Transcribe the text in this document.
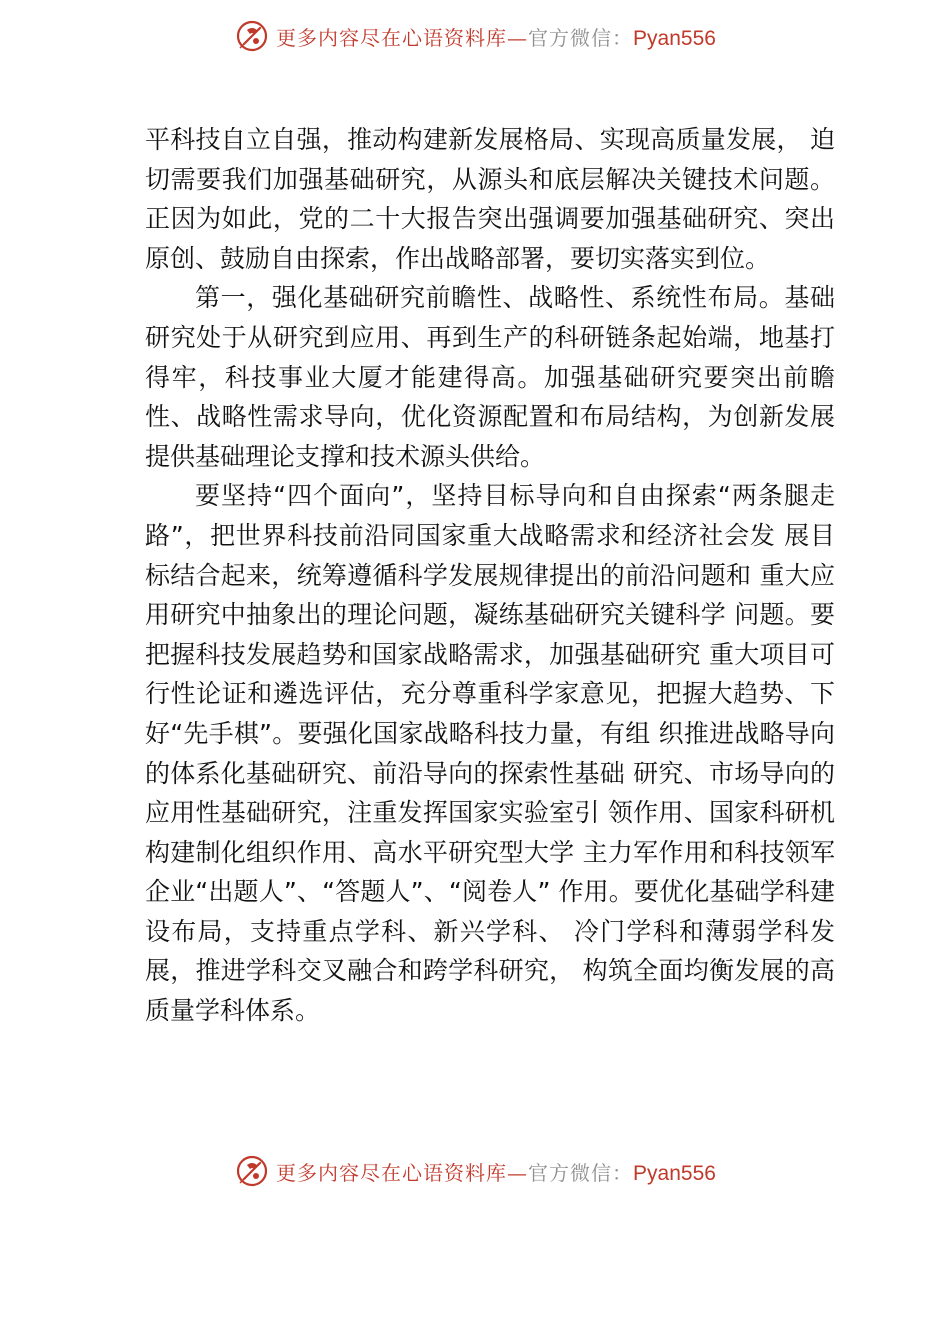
更多内容尽在心语资料库—官方微信：Pyan556

平科技自立自强，推动构建新发展格局、实现高质量发展， 迫切需要我们加强基础研究，从源头和底层解决关键技术问题。正因为如此，党的二十大报告突出强调要加强基础研究、突出原创、鼓励自由探索，作出战略部署，要切实落实到位。

第一，强化基础研究前瞻性、战略性、系统性布局。基础研究处于从研究到应用、再到生产的科研链条起始端，地基打得牢，科技事业大厦才能建得高。加强基础研究要突出前瞻性、战略性需求导向，优化资源配置和布局结构，为创新发展提供基础理论支撑和技术源头供给。

要坚持“四个面向”，坚持目标导向和自由探索“两条腿走路”，把世界科技前沿同国家重大战略需求和经济社会发 展目标结合起来，统筹遵循科学发展规律提出的前沿问题和 重大应用研究中抽象出的理论问题，凝练基础研究关键科学 问题。要把握科技发展趋势和国家战略需求，加强基础研究 重大项目可行性论证和遴选评估，充分尊重科学家意见，把握大趋势、下好“先手棋”。要强化国家战略科技力量，有组 织推进战略导向的体系化基础研究、前沿导向的探索性基础 研究、市场导向的应用性基础研究，注重发挥国家实验室引 领作用、国家科研机构建制化组织作用、高水平研究型大学 主力军作用和科技领军企业“出题人”、“答题人”、“阅卷人” 作用。要优化基础学科建设布局，支持重点学科、新兴学科、 冷门学科和薄弱学科发展，推进学科交叉融合和跨学科研究， 构筑全面均衡发展的高质量学科体系。

更多内容尽在心语资料库—官方微信：Pyan556
